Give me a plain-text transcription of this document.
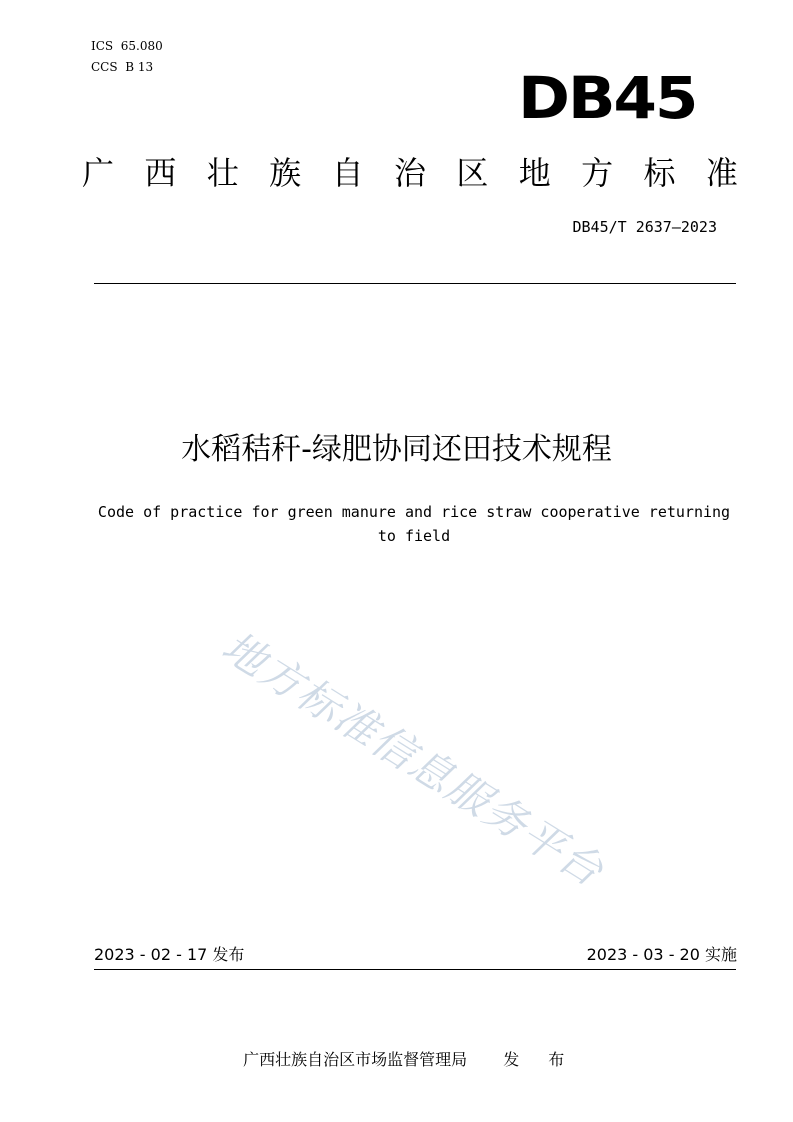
ICS  65.080
CCS  B 13	DB45
广 西 壮 族 自 治 区 地 方 标 准
DB45/T 2637—2023
水稻秸秆-绿肥协同还田技术规程
Code of practice for green manure and rice straw cooperative returning to field
地方标准信息服务平台
2023 - 02 - 17 发布	2023 - 03 - 20 实施

广西壮族自治区市场监督管理局 发 布
